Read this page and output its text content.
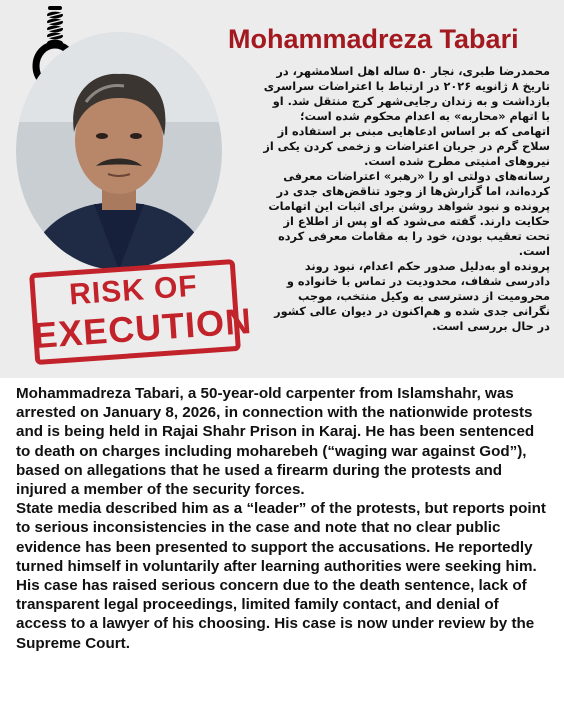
Mohammadreza Tabari
RISK OF
EXECUTION

محمدرضا طبری، نجار ۵۰ ساله اهل اسلامشهر، در تاریخ ۸ ژانویه ۲۰۲۶ در ارتباط با اعتراضات سراسری بازداشت و به زندان رجایی‌شهر کرج منتقل شد. او با اتهام «محاربه» به اعدام محکوم شده است؛ اتهامی که بر اساس ادعاهایی مبنی بر استفاده از سلاح گرم در جریان اعتراضات و زخمی کردن یکی از نیروهای امنیتی مطرح شده است.

رسانه‌های دولتی او را «رهبر» اعتراضات معرفی کرده‌اند، اما گزارش‌ها از وجود تناقض‌های جدی در پرونده و نبود شواهد روشن برای اثبات این اتهامات حکایت دارند. گفته می‌شود که او پس از اطلاع از تحت تعقیب بودن، خود را به مقامات معرفی کرده است.

پرونده او به‌دلیل صدور حکم اعدام، نبود روند دادرسی شفاف، محدودیت در تماس با خانواده و محرومیت از دسترسی به وکیل منتخب، موجب نگرانی جدی شده و هم‌اکنون در دیوان عالی کشور در حال بررسی است.

Mohammadreza Tabari, a 50-year-old carpenter from Islamshahr, was arrested on January 8, 2026, in connection with the nationwide protests and is being held in Rajai Shahr Prison in Karaj. He has been sentenced to death on charges including moharebeh (“waging war against God”), based on allegations that he used a firearm during the protests and injured a member of the security forces.

State media described him as a “leader” of the protests, but reports point to serious inconsistencies in the case and note that no clear public evidence has been presented to support the accusations. He reportedly turned himself in voluntarily after learning authorities were seeking him. His case has raised serious concern due to the death sentence, lack of transparent legal proceedings, limited family contact, and denial of access to a lawyer of his choosing. His case is now under review by the Supreme Court.
